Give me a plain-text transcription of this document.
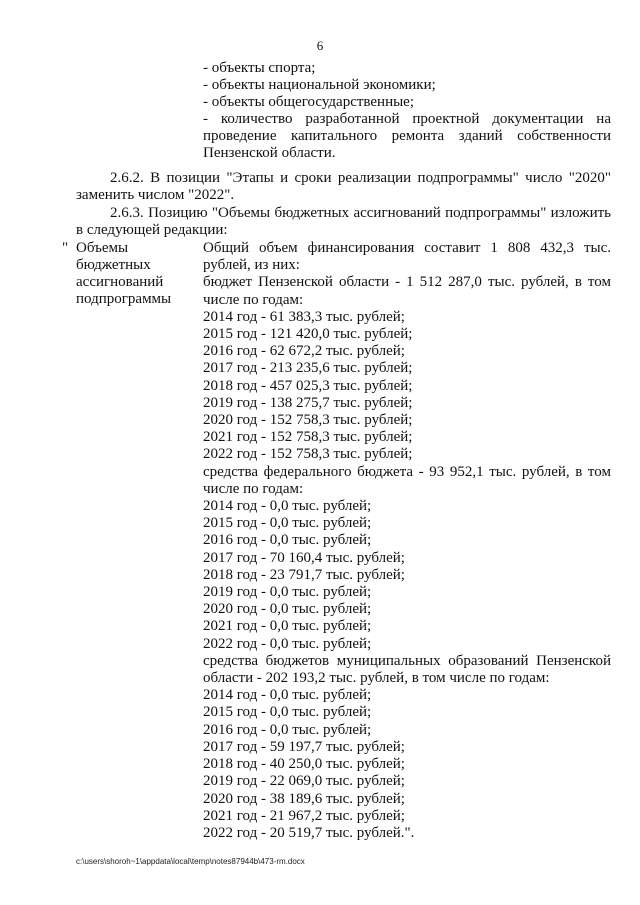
6
- объекты спорта;
- объекты национальной экономики;
- объекты общегосударственные;
- количество разработанной проектной документации на проведение капитального ремонта зданий собственности Пензенской области.
2.6.2. В позиции "Этапы и сроки реализации подпрограммы" число "2020" заменить числом "2022".
2.6.3. Позицию "Объемы бюджетных ассигнований подпрограммы" изложить в следующей редакции:
" Объемы бюджетных ассигнований подпрограммы
Общий объем финансирования составит 1 808 432,3 тыс. рублей, из них:
бюджет Пензенской области - 1 512 287,0 тыс. рублей, в том числе по годам:
2014 год - 61 383,3 тыс. рублей;
2015 год - 121 420,0 тыс. рублей;
2016 год - 62 672,2 тыс. рублей;
2017 год - 213 235,6 тыс. рублей;
2018 год - 457 025,3 тыс. рублей;
2019 год - 138 275,7 тыс. рублей;
2020 год - 152 758,3 тыс. рублей;
2021 год - 152 758,3 тыс. рублей;
2022 год - 152 758,3 тыс. рублей;
средства федерального бюджета - 93 952,1 тыс. рублей, в том числе по годам:
2014 год - 0,0 тыс. рублей;
2015 год - 0,0 тыс. рублей;
2016 год - 0,0 тыс. рублей;
2017 год - 70 160,4 тыс. рублей;
2018 год - 23 791,7 тыс. рублей;
2019 год - 0,0 тыс. рублей;
2020 год - 0,0 тыс. рублей;
2021 год - 0,0 тыс. рублей;
2022 год - 0,0 тыс. рублей;
средства бюджетов муниципальных образований Пензенской области - 202 193,2 тыс. рублей, в том числе по годам:
2014 год - 0,0 тыс. рублей;
2015 год - 0,0 тыс. рублей;
2016 год - 0,0 тыс. рублей;
2017 год - 59 197,7 тыс. рублей;
2018 год - 40 250,0 тыс. рублей;
2019 год - 22 069,0 тыс. рублей;
2020 год - 38 189,6 тыс. рублей;
2021 год - 21 967,2 тыс. рублей;
2022 год - 20 519,7 тыс. рублей.".
c:\users\shoroh~1\appdata\local\temp\notes87944b\473-rm.docx
